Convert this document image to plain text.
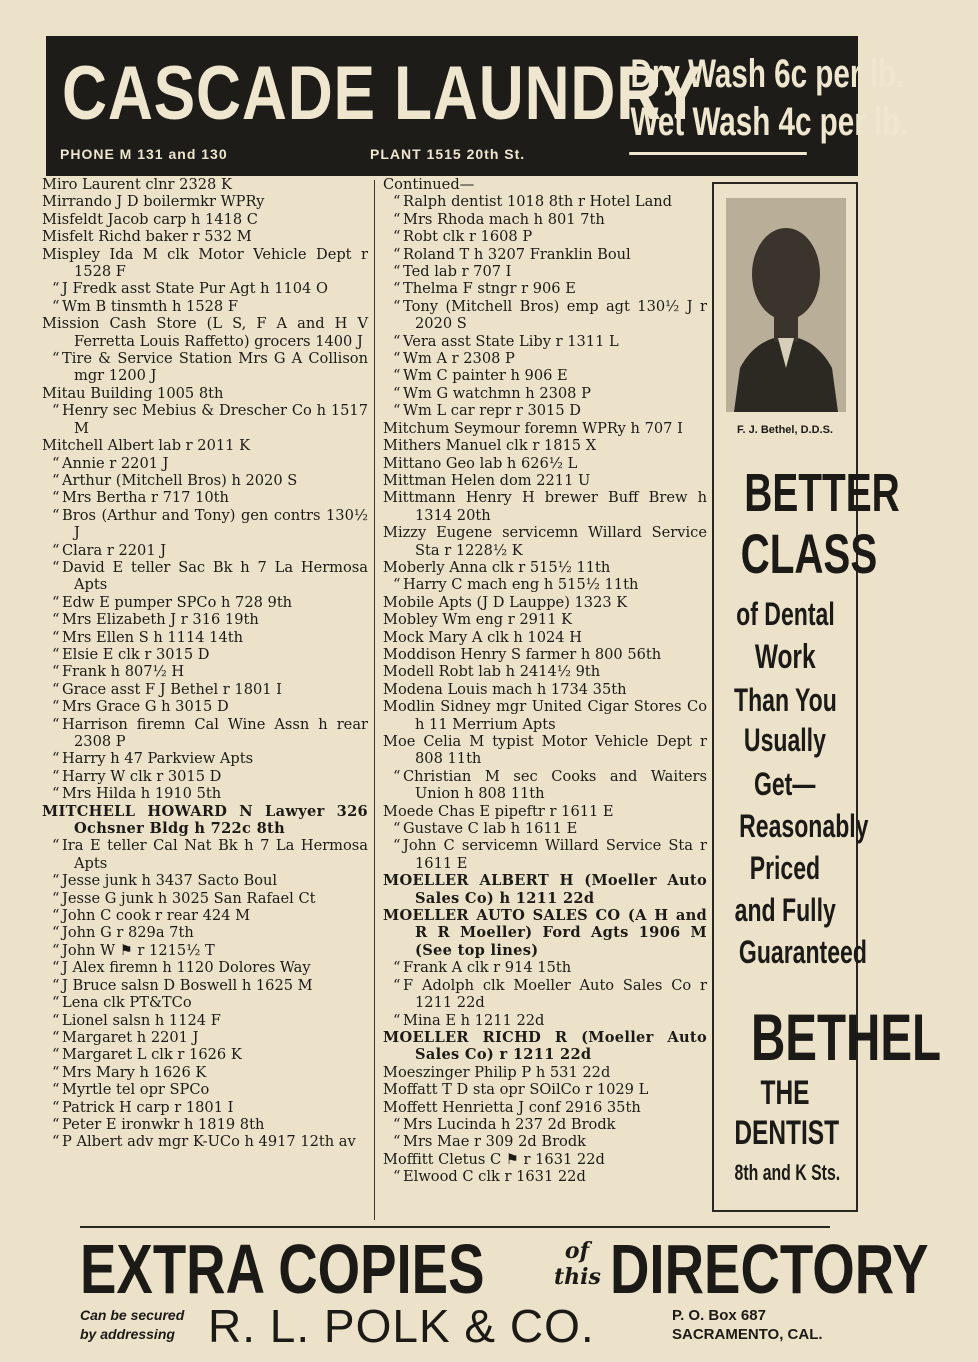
CASCADE LAUNDRY
Dry Wash 6c per lb.
Wet Wash 4c per lb.
PHONE M 131 and 130	PLANT 1515 20th St.
Miro Laurent clnr 2328 K
Mirrando J D boilermkr WPRy
Misfeldt Jacob carp h 1418 C
Misfelt Richd baker r 532 M
Mispley Ida M clk Motor Vehicle Dept r 1528 F
“ J Fredk asst State Pur Agt h 1104 O
“ Wm B tinsmth h 1528 F
Mission Cash Store (L S, F A and H V Ferretta Louis Raffetto) grocers 1400 J
“ Tire & Service Station Mrs G A Collison mgr 1200 J
Mitau Building 1005 8th
“ Henry sec Mebius & Drescher Co h 1517 M
Mitchell Albert lab r 2011 K
“ Annie r 2201 J
“ Arthur (Mitchell Bros) h 2020 S
“ Mrs Bertha r 717 10th
“ Bros (Arthur and Tony) gen contrs 130½ J
“ Clara r 2201 J
“ David E teller Sac Bk h 7 La Hermosa Apts
“ Edw E pumper SPCo h 728 9th
“ Mrs Elizabeth J r 316 19th
“ Mrs Ellen S h 1114 14th
“ Elsie E clk r 3015 D
“ Frank h 807½ H
“ Grace asst F J Bethel r 1801 I
“ Mrs Grace G h 3015 D
“ Harrison firemn Cal Wine Assn h rear 2308 P
“ Harry h 47 Parkview Apts
“ Harry W clk r 3015 D
“ Mrs Hilda h 1910 5th
MITCHELL HOWARD N Lawyer 326 Ochsner Bldg h 722c 8th
“ Ira E teller Cal Nat Bk h 7 La Hermosa Apts
“ Jesse junk h 3437 Sacto Boul
“ Jesse G junk h 3025 San Rafael Ct
“ John C cook r rear 424 M
“ John G r 829a 7th
“ John W ⚑ r 1215½ T
“ J Alex firemn h 1120 Dolores Way
“ J Bruce salsn D Boswell h 1625 M
“ Lena clk PT&TCo
“ Lionel salsn h 1124 F
“ Margaret h 2201 J
“ Margaret L clk r 1626 K
“ Mrs Mary h 1626 K
“ Myrtle tel opr SPCo
“ Patrick H carp r 1801 I
“ Peter E ironwkr h 1819 8th
“ P Albert adv mgr K-UCo h 4917 12th av
Continued—
“ Ralph dentist 1018 8th r Hotel Land
“ Mrs Rhoda mach h 801 7th
“ Robt clk r 1608 P
“ Roland T h 3207 Franklin Boul
“ Ted lab r 707 I
“ Thelma F stngr r 906 E
“ Tony (Mitchell Bros) emp agt 130½ J r 2020 S
“ Vera asst State Liby r 1311 L
“ Wm A r 2308 P
“ Wm C painter h 906 E
“ Wm G watchmn h 2308 P
“ Wm L car repr r 3015 D
Mitchum Seymour foremn WPRy h 707 I
Mithers Manuel clk r 1815 X
Mittano Geo lab h 626½ L
Mittman Helen dom 2211 U
Mittmann Henry H brewer Buff Brew h 1314 20th
Mizzy Eugene servicemn Willard Service Sta r 1228½ K
Moberly Anna clk r 515½ 11th
“ Harry C mach eng h 515½ 11th
Mobile Apts (J D Lauppe) 1323 K
Mobley Wm eng r 2911 K
Mock Mary A clk h 1024 H
Moddison Henry S farmer h 800 56th
Modell Robt lab h 2414½ 9th
Modena Louis mach h 1734 35th
Modlin Sidney mgr United Cigar Stores Co h 11 Merrium Apts
Moe Celia M typist Motor Vehicle Dept r 808 11th
“ Christian M sec Cooks and Waiters Union h 808 11th
Moede Chas E pipeftr r 1611 E
“ Gustave C lab h 1611 E
“ John C servicemn Willard Service Sta r 1611 E
MOELLER ALBERT H (Moeller Auto Sales Co) h 1211 22d
MOELLER AUTO SALES CO (A H and R R Moeller) Ford Agts 1906 M (See top lines)
“ Frank A clk r 914 15th
“ F Adolph clk Moeller Auto Sales Co r 1211 22d
“ Mina E h 1211 22d
MOELLER RICHD R (Moeller Auto Sales Co) r 1211 22d
Moeszinger Philip P h 531 22d
Moffatt T D sta opr SOilCo r 1029 L
Moffett Henrietta J conf 2916 35th
“ Mrs Lucinda h 237 2d Brodk
“ Mrs Mae r 309 2d Brodk
Moffitt Cletus C ⚑ r 1631 22d
“ Elwood C clk r 1631 22d
F. J. Bethel, D.D.S.
BETTER
CLASS
of Dental
Work
Than You
Usually
Get—
Reasonably
Priced
and Fully
Guaranteed
BETHEL
THE
DENTIST
8th and K Sts.
EXTRA COPIES	of
this DIRECTORY
Can be secured
by addressing R. L. POLK & CO.	P. O. Box 687
SACRAMENTO, CAL.
